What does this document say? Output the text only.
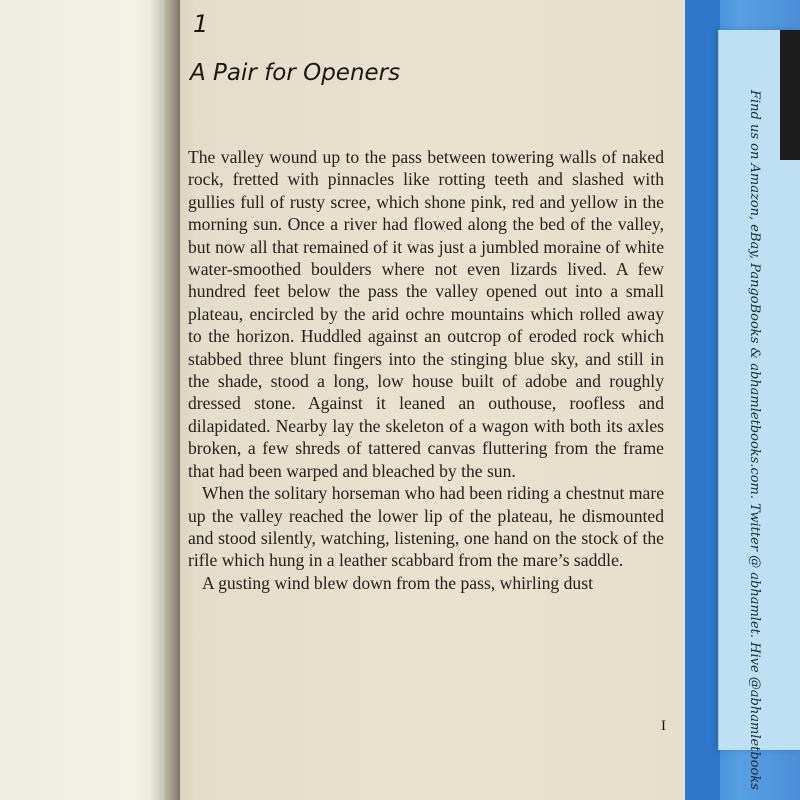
Find us on Amazon, eBay, PangoBooks & abhamletbooks.com. Twitter @ abhamlet. Hive @abhamletbooks
1
A Pair for Openers

The valley wound up to the pass between towering walls of naked rock, fretted with pinnacles like rotting teeth and slashed with gullies full of rusty scree, which shone pink, red and yellow in the morning sun. Once a river had flowed along the bed of the valley, but now all that remained of it was just a jumbled moraine of white water-smoothed boulders where not even lizards lived. A few hundred feet below the pass the valley opened out into a small plateau, encircled by the arid ochre mountains which rolled away to the horizon. Huddled against an outcrop of eroded rock which stabbed three blunt fingers into the stinging blue sky, and still in the shade, stood a long, low house built of adobe and roughly dressed stone. Against it leaned an outhouse, roofless and dilapidated. Nearby lay the skeleton of a wagon with both its axles broken, a few shreds of tattered canvas fluttering from the frame that had been warped and bleached by the sun.

When the solitary horseman who had been riding a chestnut mare up the valley reached the lower lip of the plateau, he dismounted and stood silently, watching, listening, one hand on the stock of the rifle which hung in a leather scabbard from the mare’s saddle.

A gusting wind blew down from the pass, whirling dust

I
